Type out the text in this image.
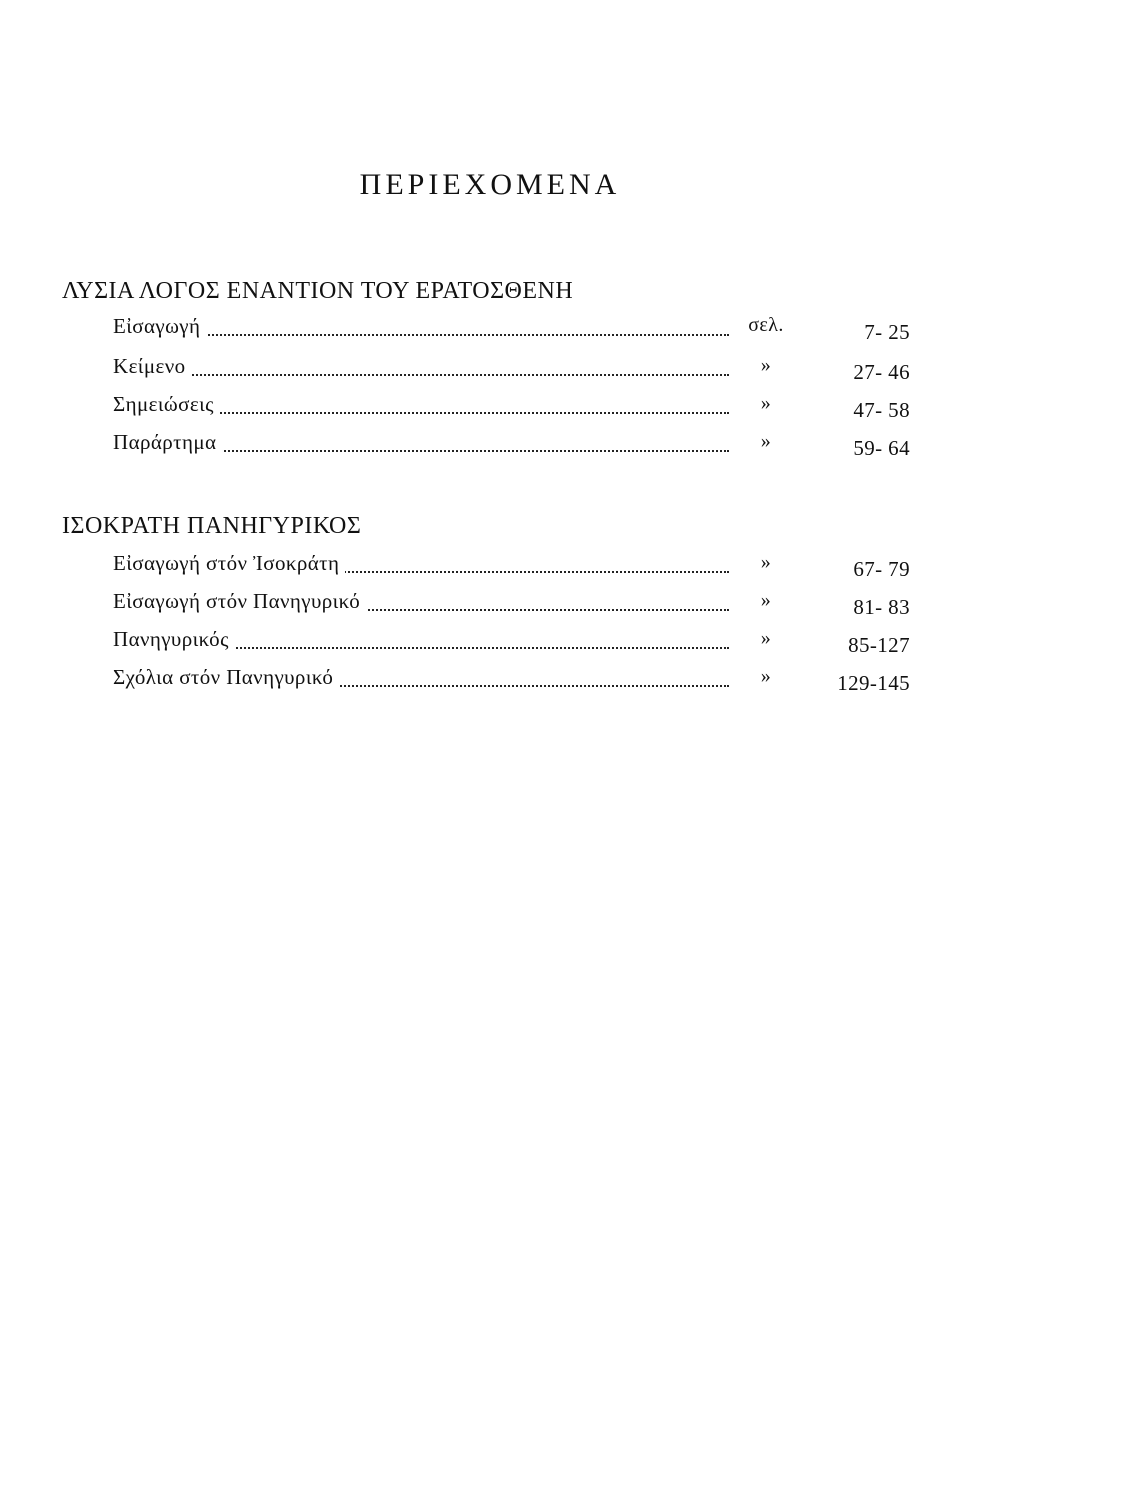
ΠΕΡΙΕΧΟΜΕΝΑ
ΛΥΣΙΑ ΛΟΓΟΣ ΕΝΑΝΤΙΟΝ ΤΟΥ ΕΡΑΤΟΣΘΕΝΗ
Εἰσαγωγή	σελ.	7- 25
Κείμενο	»	27- 46
Σημειώσεις	»	47- 58
Παράρτημα	»	59- 64
ΙΣΟΚΡΑΤΗ ΠΑΝΗΓΥΡΙΚΟΣ
Εἰσαγωγή στόν Ἰσοκράτη	»	67- 79
Εἰσαγωγή στόν Πανηγυρικό	»	81- 83
Πανηγυρικός	»	85-127
Σχόλια στόν Πανηγυρικό	»	129-145
